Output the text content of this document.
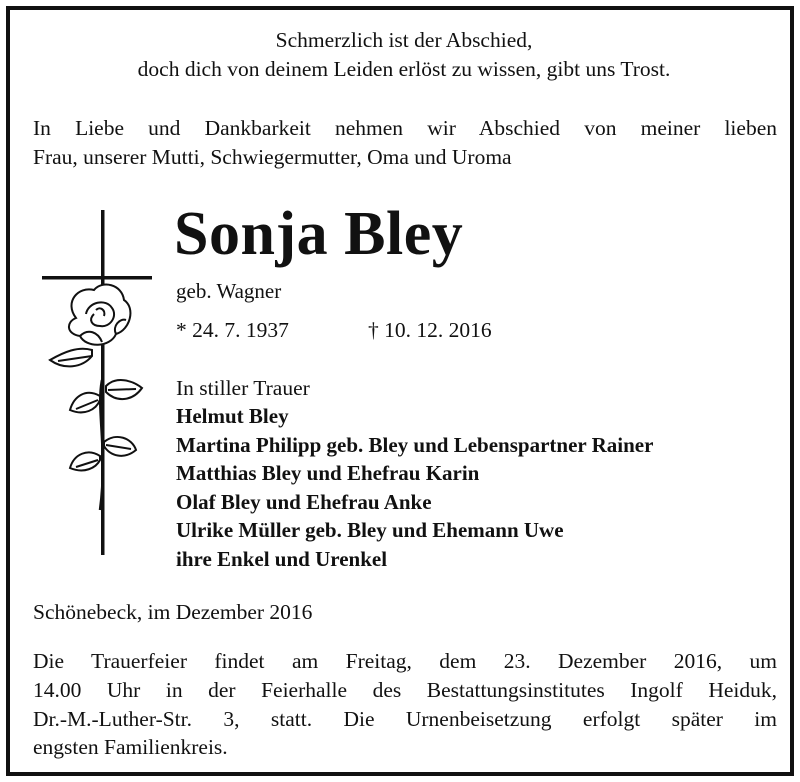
Schmerzlich ist der Abschied,
doch dich von deinem Leiden erlöst zu wissen, gibt uns Trost.
In Liebe und Dankbarkeit nehmen wir Abschied von meiner lieben
Frau, unserer Mutti, Schwiegermutter, Oma und Uroma
Sonja Bley
geb. Wagner
* 24. 7. 1937	† 10. 12. 2016
In stiller Trauer
Helmut Bley
Martina Philipp geb. Bley und Lebenspartner Rainer
Matthias Bley und Ehefrau Karin
Olaf Bley und Ehefrau Anke
Ulrike Müller geb. Bley und Ehemann Uwe
ihre Enkel und Urenkel
Schönebeck, im Dezember 2016
Die Trauerfeier findet am Freitag, dem 23. Dezember 2016, um
14.00 Uhr in der Feierhalle des Bestattungsinstitutes Ingolf Heiduk,
Dr.-M.-Luther-Str. 3, statt. Die Urnenbeisetzung erfolgt später im
engsten Familienkreis.
